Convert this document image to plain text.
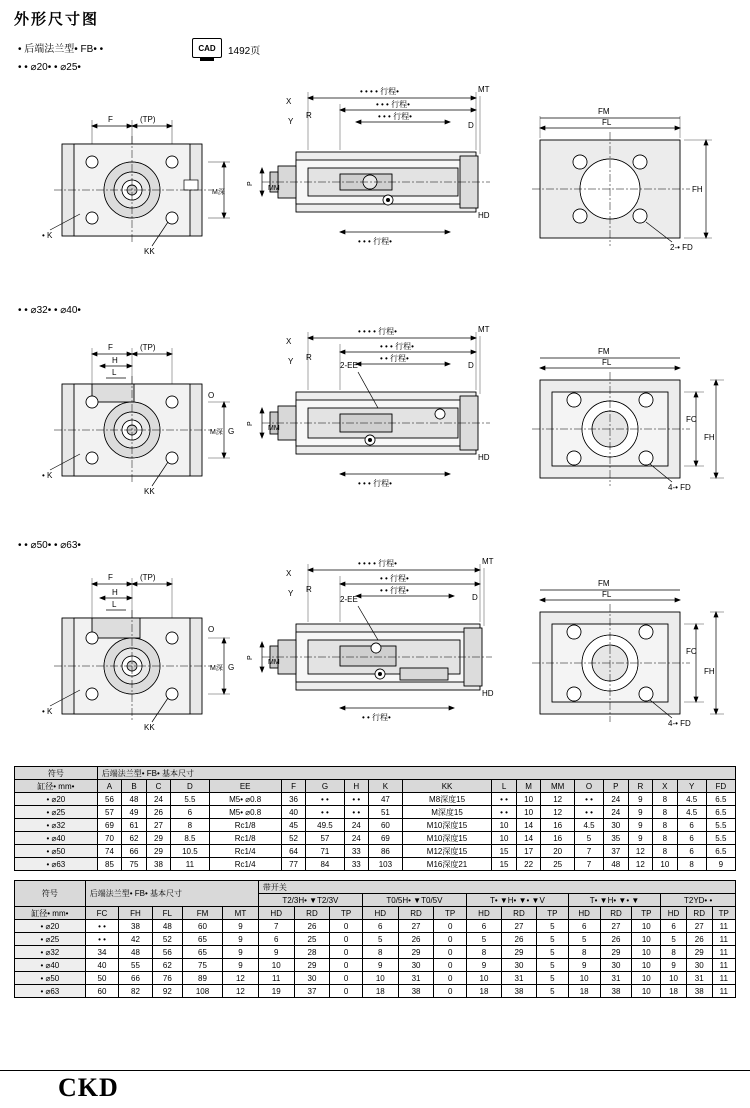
外形尺寸图
• 后端法兰型• FB• •
• • ⌀20• • ⌀25•
CAD	1492页
F	(TP)
M深
• K
KK
• • • • 行程•
• • • 行程•
• • • 行程•
X
Y
R
D
MT
P
MM
HD
• • • 行程•
FL
FM
FH
2-• FD
• • ⌀32• • ⌀40•
F	(TP)
H
L
O
G
M深
• K
KK
• • • • 行程•
• • • 行程•
• • 行程•
X
Y R
D
MT
2-EE
P
MM
HD
• • • 行程•
FL
FM
FC
FH
4-• FD
• • ⌀50• • ⌀63•
F	(TP)
H
L
O
G
M深
• K
KK
• • • • 行程•
• • 行程•
• • 行程•
X
Y R
D
MT
2-EE
P
MM
HD
• • 行程•
FL
FM
FC
FH
4-• FD
符号	后端法兰型• FB• 基本尺寸																		
缸径• mm•	A	B	C	D	EE	F	G	H	K	KK	L	M	MM	O	P	R	X	Y	FD
• ⌀20	56	48	24	5.5	M5• ⌀0.8	36	• •	• •	47	M8深度15	• •	10	12	• •	24	9	8	4.5	6.5
• ⌀25	57	49	26	6	M5• ⌀0.8	40	• •	• •	51	M深度15	• •	10	12	• •	24	9	8	4.5	6.5
• ⌀32	69	61	27	8	Rc1/8	45	49.5	24	60	M10深度15	10	14	16	4.5	30	9	8	6	5.5
• ⌀40	70	62	29	8.5	Rc1/8	52	57	24	69	M10深度15	10	14	16	5	35	9	8	6	5.5
• ⌀50	74	66	29	10.5	Rc1/4	64	71	33	86	M12深度15	15	17	20	7	37	12	8	6	6.5
• ⌀63	85	75	38	11	Rc1/4	77	84	33	103	M16深度21	15	22	25	7	48	12	10	8	9
符号	后端法兰型• FB• 基本尺寸					带开关														
						T2/3H• ▼T2/3V			T0/5H• ▼T0/5V			T• ▼H• ▼• ▼V			T• ▼H• ▼• ▼			T2YD• •		
缸径• mm•	FC	FH	FL	FM	MT	HD	RD	TP	HD	RD	TP	HD	RD	TP	HD	RD	TP	HD	RD	TP
• ⌀20	• •	38	48	60	9	7	26	0	6	27	0	6	27	5	6	27	10	6	27	11
• ⌀25	• •	42	52	65	9	6	25	0	5	26	0	5	26	5	5	26	10	5	26	11
• ⌀32	34	48	56	65	9	9	28	0	8	29	0	8	29	5	8	29	10	8	29	11
• ⌀40	40	55	62	75	9	10	29	0	9	30	0	9	30	5	9	30	10	9	30	11
• ⌀50	50	66	76	89	12	11	30	0	10	31	0	10	31	5	10	31	10	10	31	11
• ⌀63	60	82	92	108	12	19	37	0	18	38	0	18	38	5	18	38	10	18	38	11
CKD
